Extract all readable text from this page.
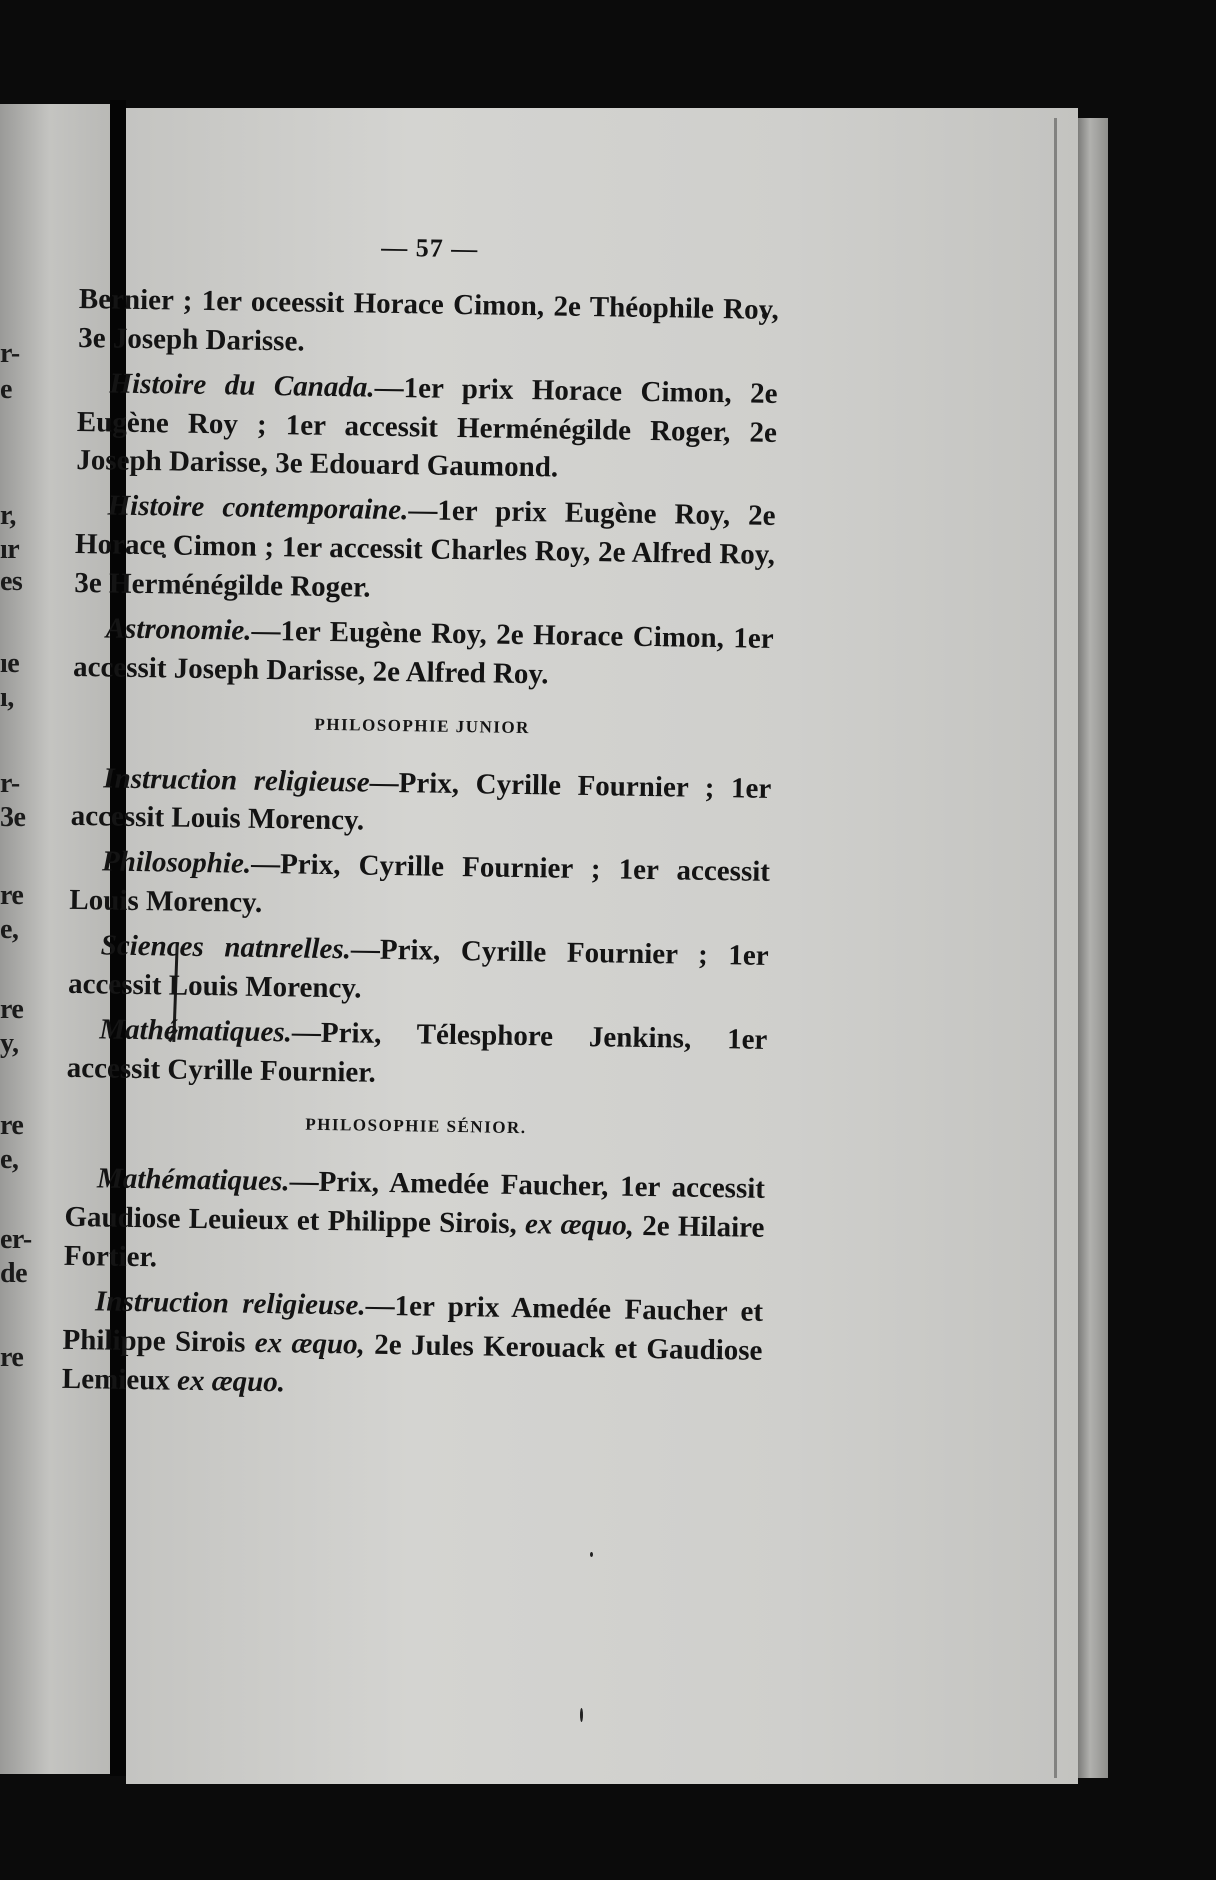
r-
e
r,
ır
es
ıe
ı,
r-
3e
re
e,
re
y,
re
e,
er-
de
re
— 57 —

Bernier ; 1er oceessit Horace Cimon, 2e Théophile Roy, 3e Joseph Darisse.

Histoire du Canada.—1er prix Horace Cimon, 2e Eugène Roy ; 1er accessit Herménégilde Roger, 2e Joseph Darisse, 3e Edouard Gaumond.

Histoire contemporaine.—1er prix Eugène Roy, 2e Horace Cimon ; 1er accessit Charles Roy, 2e Alfred Roy, 3e Herménégilde Roger.

Astronomie.—1er Eugène Roy, 2e Horace Cimon, 1er accessit Joseph Darisse, 2e Alfred Roy.

PHILOSOPHIE JUNIOR

Instruction religieuse—Prix, Cyrille Fournier ; 1er accessit Louis Morency.

Philosophie.—Prix, Cyrille Fournier ; 1er accessit Louis Morency.

Sciences natnrelles.—Prix, Cyrille Fournier ; 1er accessit Louis Morency.

Mathématiques.—Prix, Télesphore Jenkins, 1er accessit Cyrille Fournier.

PHILOSOPHIE SÉNIOR.

Mathématiques.—Prix, Amedée Faucher, 1er accessit Gaudiose Leuieux et Philippe Sirois, ex æquo, 2e Hilaire Fortier.

Instruction religieuse.—1er prix Amedée Faucher et Philippe Sirois ex æquo, 2e Jules Kerouack et Gaudiose Lemieux ex æquo.
